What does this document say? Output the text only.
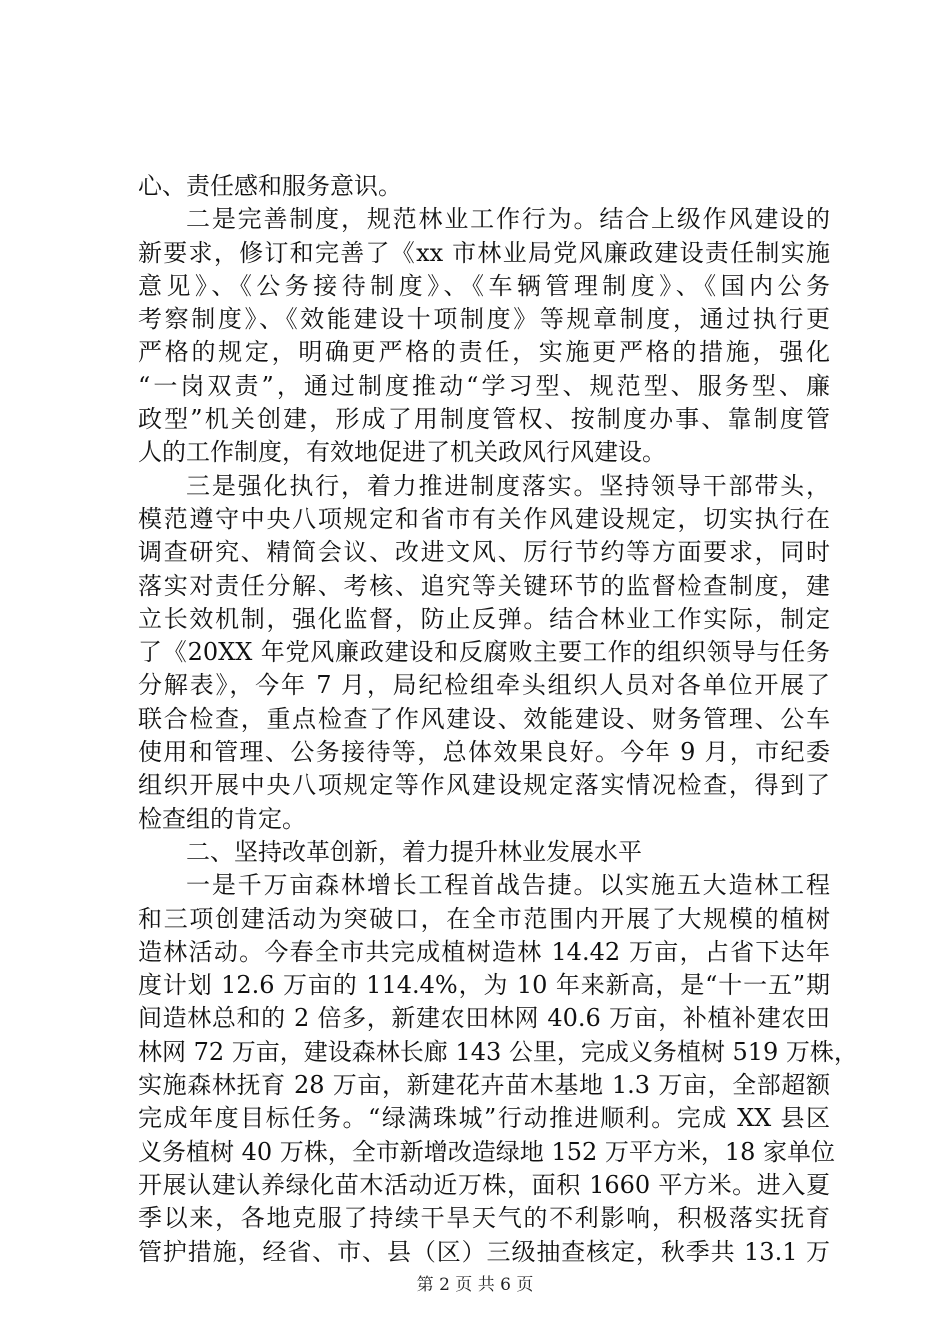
心、责任感和服务意识。
二是完善制度，规范林业工作行为。结合上级作风建设的
新要求，修订和完善了《xx 市林业局党风廉政建设责任制实施
意见》、《公务接待制度》、《车辆管理制度》、《国内公务
考察制度》、《效能建设十项制度》等规章制度，通过执行更
严格的规定，明确更严格的责任，实施更严格的措施，强化
“一岗双责”，通过制度推动“学习型、规范型、服务型、廉
政型”机关创建，形成了用制度管权、按制度办事、靠制度管
人的工作制度，有效地促进了机关政风行风建设。
三是强化执行，着力推进制度落实。坚持领导干部带头，
模范遵守中央八项规定和省市有关作风建设规定，切实执行在
调查研究、精简会议、改进文风、厉行节约等方面要求，同时
落实对责任分解、考核、追究等关键环节的监督检查制度，建
立长效机制，强化监督，防止反弹。结合林业工作实际，制定
了《20XX 年党风廉政建设和反腐败主要工作的组织领导与任务
分解表》，今年 7 月，局纪检组牵头组织人员对各单位开展了
联合检查，重点检查了作风建设、效能建设、财务管理、公车
使用和管理、公务接待等，总体效果良好。今年 9 月，市纪委
组织开展中央八项规定等作风建设规定落实情况检查，得到了
检查组的肯定。
二、坚持改革创新，着力提升林业发展水平
一是千万亩森林增长工程首战告捷。以实施五大造林工程
和三项创建活动为突破口，在全市范围内开展了大规模的植树
造林活动。今春全市共完成植树造林 14.42 万亩，占省下达年
度计划 12.6 万亩的 114.4%，为 10 年来新高，是“十一五”期
间造林总和的 2 倍多，新建农田林网 40.6 万亩，补植补建农田
林网 72 万亩，建设森林长廊 143 公里，完成义务植树 519 万株，
实施森林抚育 28 万亩，新建花卉苗木基地 1.3 万亩，全部超额
完成年度目标任务。“绿满珠城”行动推进顺利。完成 XX 县区
义务植树 40 万株，全市新增改造绿地 152 万平方米，18 家单位
开展认建认养绿化苗木活动近万株，面积 1660 平方米。进入夏
季以来，各地克服了持续干旱天气的不利影响，积极落实抚育
管护措施，经省、市、县（区）三级抽查核定，秋季共 13.1 万
第 2 页 共 6 页
